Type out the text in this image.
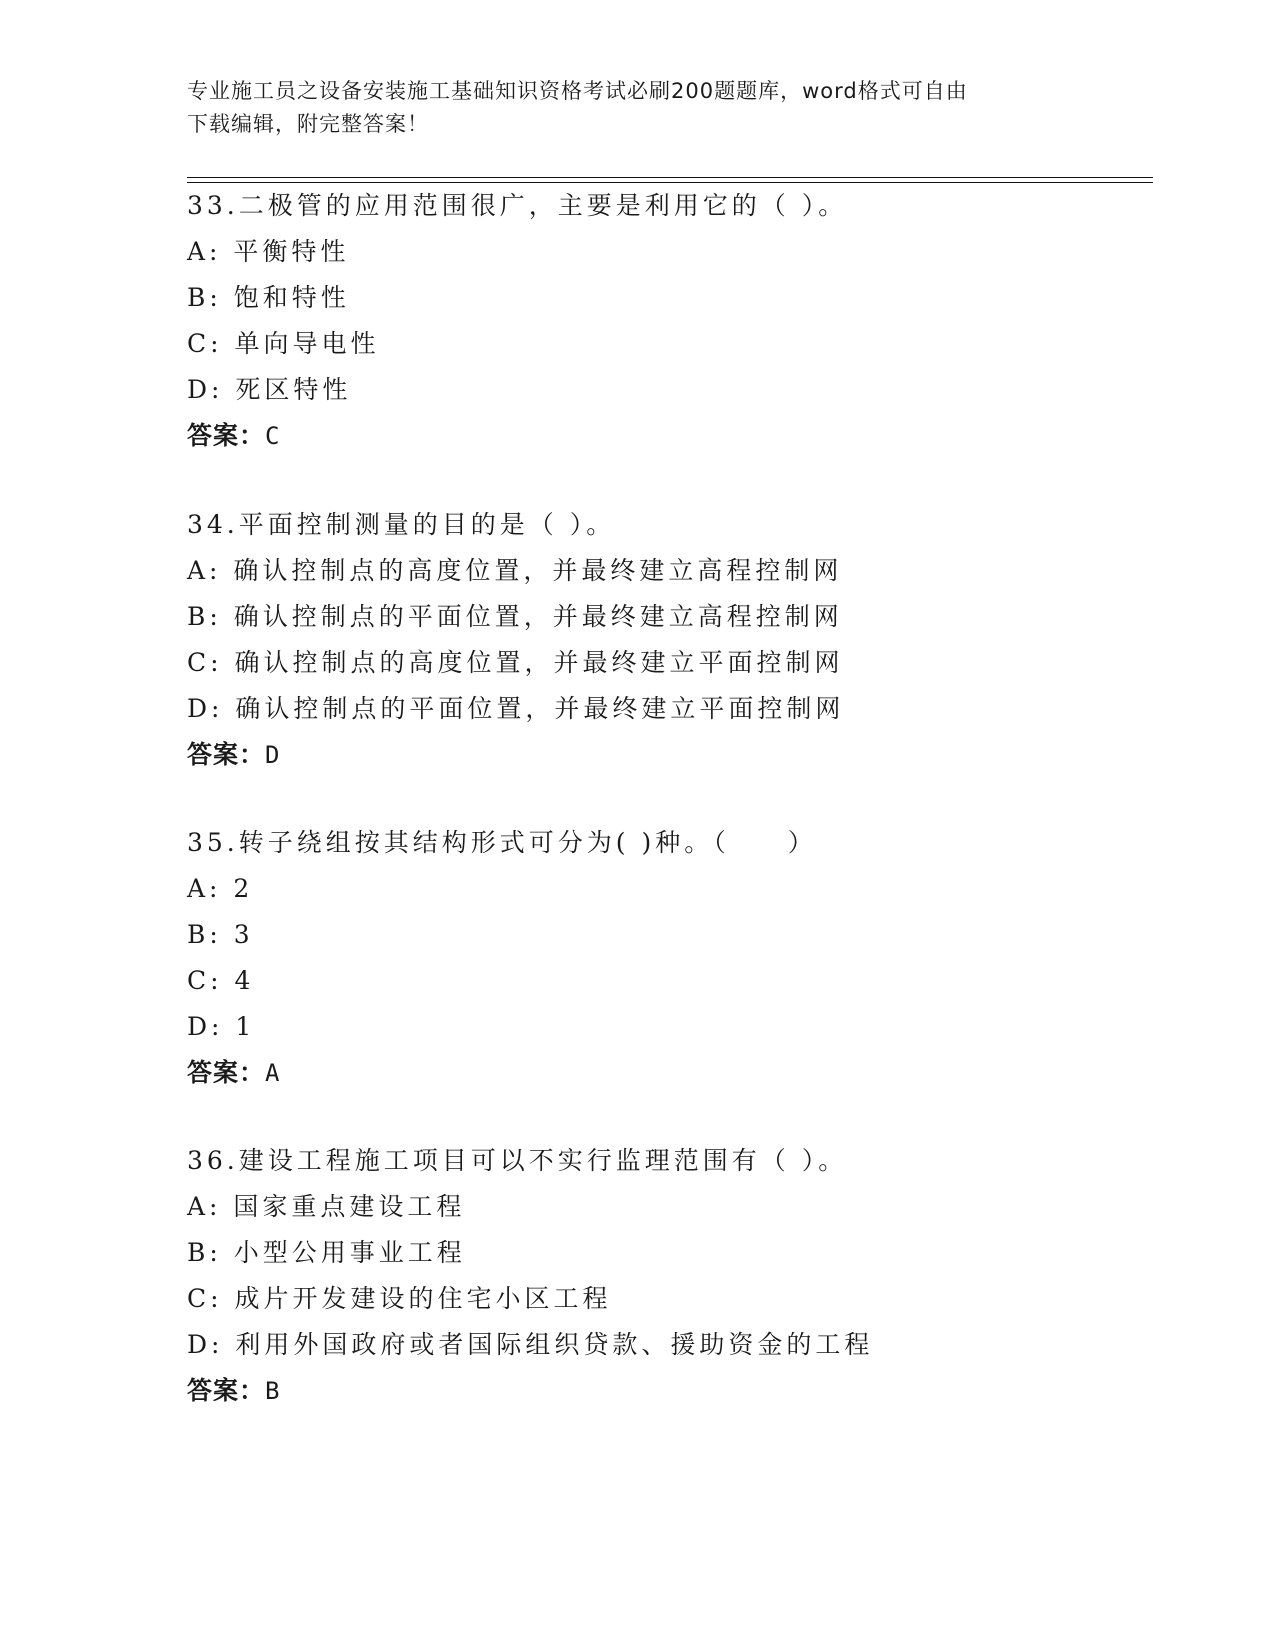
专业施工员之设备安装施工基础知识资格考试必刷200题题库，word格式可自由
下载编辑，附完整答案！
33.二极管的应用范围很广，主要是利用它的（ ）。
A: 平衡特性
B: 饱和特性
C: 单向导电性
D: 死区特性
答案：C
34.平面控制测量的目的是（ ）。
A: 确认控制点的高度位置，并最终建立高程控制网
B: 确认控制点的平面位置，并最终建立高程控制网
C: 确认控制点的高度位置，并最终建立平面控制网
D: 确认控制点的平面位置，并最终建立平面控制网
答案：D
35.转子绕组按其结构形式可分为( )种。（　　）
A: 2
B: 3
C: 4
D: 1
答案：A
36.建设工程施工项目可以不实行监理范围有（ ）。
A: 国家重点建设工程
B: 小型公用事业工程
C: 成片开发建设的住宅小区工程
D: 利用外国政府或者国际组织贷款、援助资金的工程
答案：B
